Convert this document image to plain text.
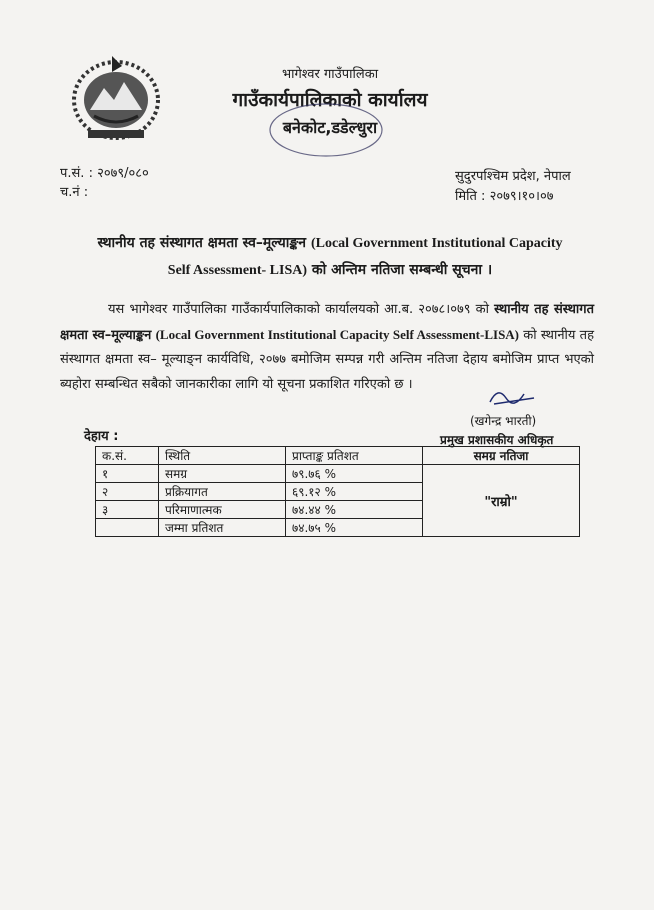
भागेश्वर गाउँपालिका
गाउँकार्यपालिकाको कार्यालय
बनेकोट,डडेल्धुरा
प.सं. : २०७९/०८०
च.नं :
सुदुरपश्चिम प्रदेश, नेपाल
मिति : २०७९।१०।०७
स्थानीय तह संस्थागत क्षमता स्व–मूल्याङ्कन (Local Government Institutional Capacity
Self Assessment- LISA) को अन्तिम नतिजा सम्बन्धी सूचना ।
यस भागेश्वर गाउँपालिका गाउँकार्यपालिकाको कार्यालयको आ.ब. २०७८।०७९ को स्थानीय तह संस्थागत क्षमता स्व–मूल्याङ्कन (Local Government Institutional Capacity Self Assessment-LISA) को स्थानीय तह संस्थागत क्षमता स्व– मूल्याङ्न कार्यविधि, २०७७ बमोजिम सम्पन्न गरी अन्तिम नतिजा देहाय बमोजिम प्राप्त भएको ब्यहोरा सम्बन्धित सबैको जानकारीका लागि यो सूचना प्रकाशित गरिएको छ ।
(खगेन्द्र भारती)
प्रमुख प्रशासकीय अधिकृत
देहाय :
क.सं.	स्थिति	प्राप्ताङ्क प्रतिशत	समग्र नतिजा
१	समग्र	७९.७६ %	"राम्रो"
२	प्रक्रियागत	६९.१२ %	
३	परिमाणात्मक	७४.४४ %	
	जम्मा प्रतिशत	७४.७५ %	
